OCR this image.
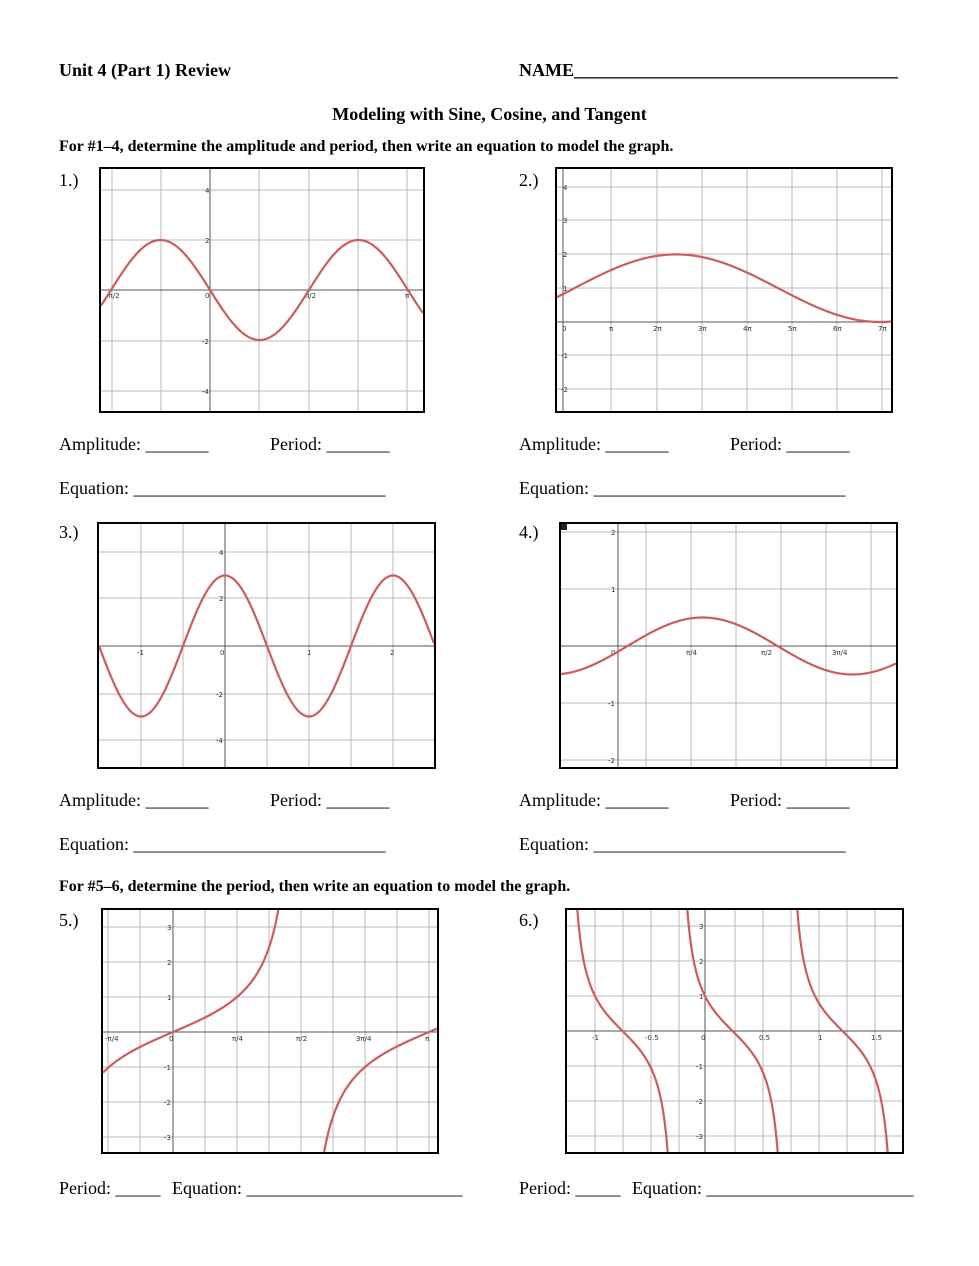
Unit 4 (Part 1) Review	NAME____________________________________
Modeling with Sine, Cosine, and Tangent
For #1–4, determine the amplitude and period, then write an equation to model the graph.
1.)
-π/2	0	π/2	π
4
2
-2
-4
2.)
0	π	2π	3π	4π	5π	6π	7π
4
3
2
1
-1
-2
Amplitude: _______	Period: _______
Equation: ____________________________
Amplitude: _______	Period: _______
Equation: ____________________________
3.)
-1	0	1	2
4
2
-2
-4
4.)
0	π/4	π/2	3π/4
2
1
-1
-2
Amplitude: _______	Period: _______
Equation: ____________________________
Amplitude: _______	Period: _______
Equation: ____________________________
For #5–6, determine the period, then write an equation to model the graph.
5.)
-π/4	0	π/4	π/2	3π/4	π
3
2
1
-1
-2
-3
6.)
-1	-0.5	0	0.5	1	1.5
3
2
1
-1
-2
-3
Period: _____ Equation: ________________________	Period: _____ Equation: _______________________
